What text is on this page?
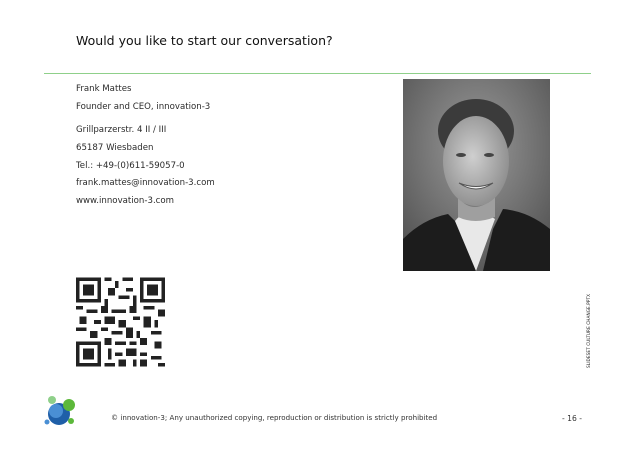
Would you like to start our conversation?
Frank Mattes
Founder and CEO, innovation-3
Grillparzerstr. 4 II / III
65187 Wiesbaden
Tel.: +49-(0)611-59057-0
frank.mattes@innovation-3.com
www.innovation-3.com
SLIDESET CULTURE CHANGE.PPTX
© innovation-3; Any unauthorized copying, reproduction or distribution is strictly prohibited	- 16 -
